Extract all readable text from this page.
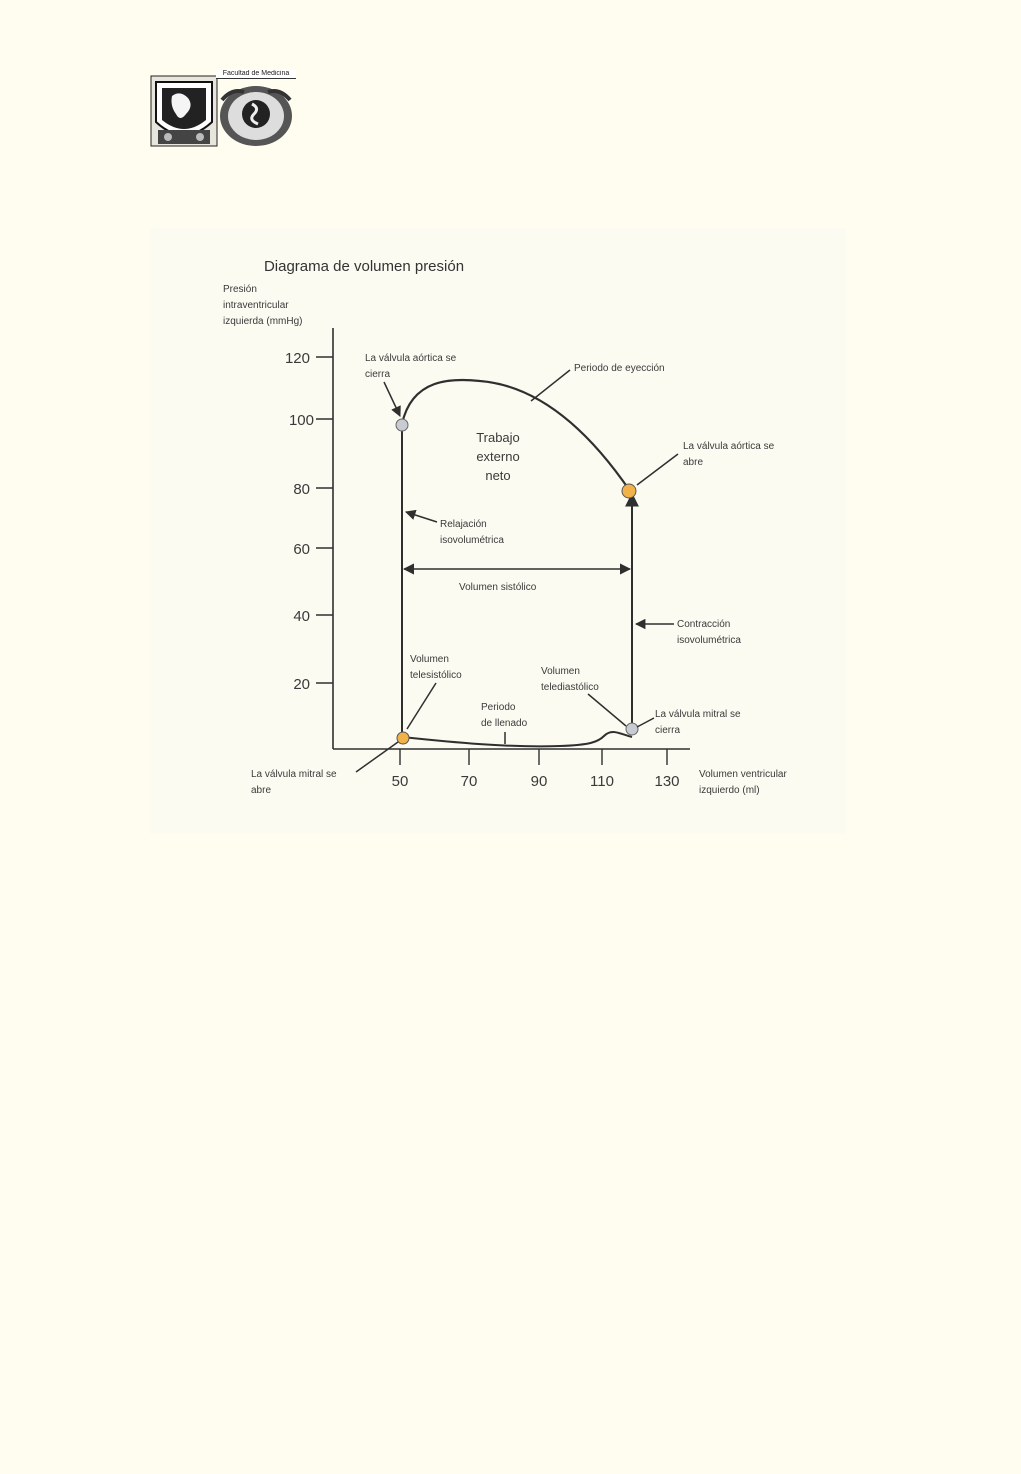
Facultad de Medicina
Diagrama de volumen presión
120
100
80
60
40
20
50	70	90	110	130
Presión
intraventricular
izquierda (mmHg)
Volumen ventricular
izquierdo (ml)
La válvula aórtica se
cierra
Periodo de eyección
La válvula aórtica se
abre
Trabajo
externo
neto
Relajación
isovolumétrica
Volumen sistólico
Contracción
isovolumétrica
Volumen
telesistólico	Volumen
telediastólico
Periodo
de llenado
La válvula mitral se
cierra
La válvula mitral se
abre
